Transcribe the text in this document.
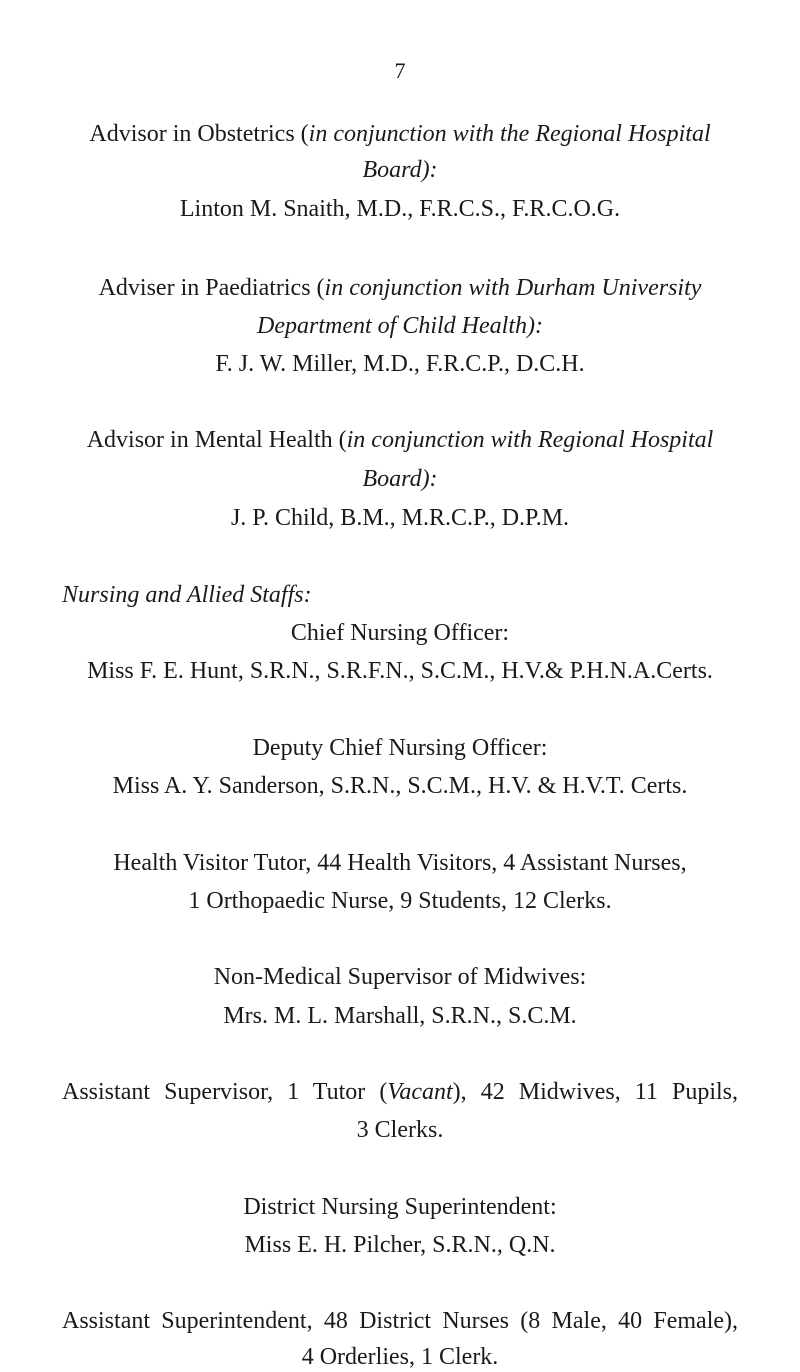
7
Advisor in Obstetrics (in conjunction with the Regional Hospital
Board):
Linton M. Snaith, M.D., F.R.C.S., F.R.C.O.G.
Adviser in Paediatrics (in conjunction with Durham University
Department of Child Health):
F. J. W. Miller, M.D., F.R.C.P., D.C.H.
Advisor in Mental Health (in conjunction with Regional Hospital
Board):
J. P. Child, B.M., M.R.C.P., D.P.M.
Nursing and Allied Staffs:
Chief Nursing Officer:
Miss F. E. Hunt, S.R.N., S.R.F.N., S.C.M., H.V.& P.H.N.A.Certs.
Deputy Chief Nursing Officer:
Miss A. Y. Sanderson, S.R.N., S.C.M., H.V. & H.V.T. Certs.
Health Visitor Tutor, 44 Health Visitors, 4 Assistant Nurses,
1 Orthopaedic Nurse, 9 Students, 12 Clerks.
Non-Medical Supervisor of Midwives:
Mrs. M. L. Marshall, S.R.N., S.C.M.
Assistant Supervisor, 1 Tutor (Vacant), 42 Midwives, 11 Pupils,
3 Clerks.
District Nursing Superintendent:
Miss E. H. Pilcher, S.R.N., Q.N.
Assistant Superintendent, 48 District Nurses (8 Male, 40 Female),
4 Orderlies, 1 Clerk.
